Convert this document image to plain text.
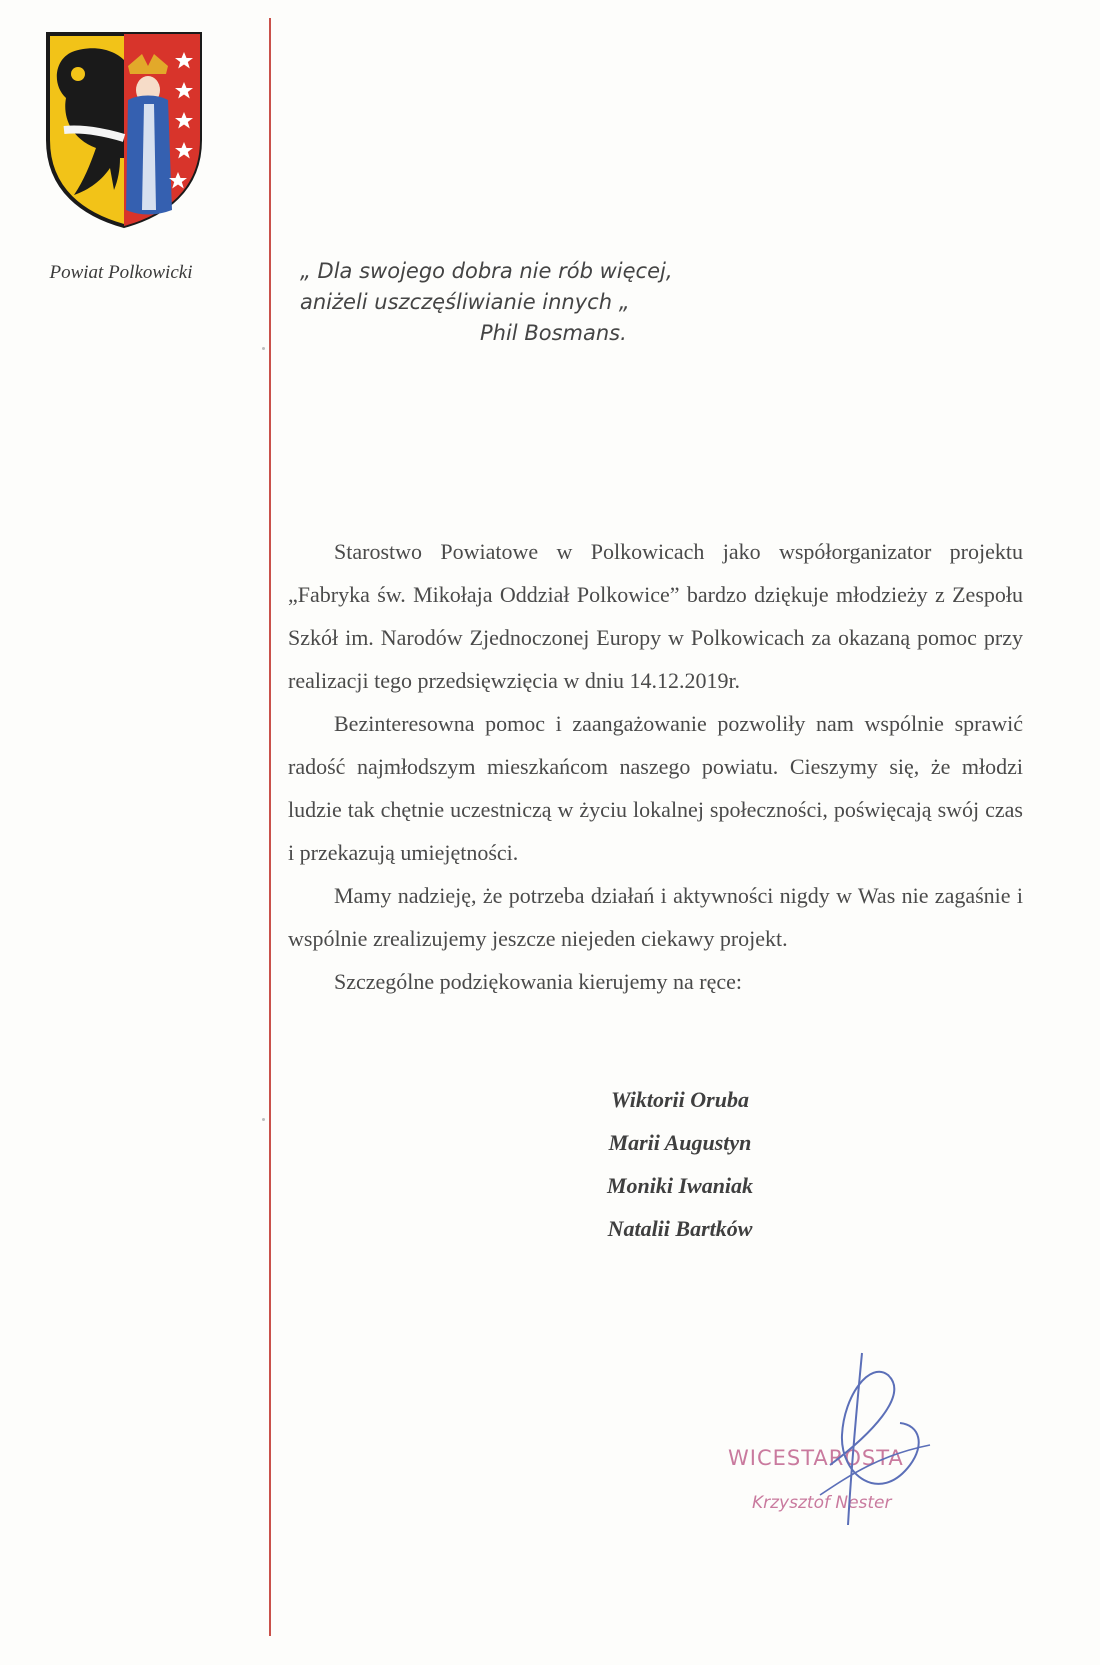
Powiat Polkowicki	„ Dla swojego dobra nie rób więcej,
aniżeli uszczęśliwianie innych „
Phil Bosmans.

Starostwo Powiatowe w Polkowicach jako współorganizator projektu „Fabryka św. Mikołaja Oddział Polkowice” bardzo dziękuje młodzieży z Zespołu Szkół im. Narodów Zjednoczonej Europy w Polkowicach za okazaną pomoc przy realizacji tego przedsięwzięcia w dniu 14.12.2019r.

Bezinteresowna pomoc i zaangażowanie pozwoliły nam wspólnie sprawić radość najmłodszym mieszkańcom naszego powiatu. Cieszymy się, że młodzi ludzie tak chętnie uczestniczą w życiu lokalnej społeczności, poświęcają swój czas i przekazują umiejętności.

Mamy nadzieję, że potrzeba działań i aktywności nigdy w Was nie zagaśnie i wspólnie zrealizujemy jeszcze niejeden ciekawy projekt.

Szczególne podziękowania kierujemy na ręce:

Wiktorii Oruba
Marii Augustyn
Moniki Iwaniak
Natalii Bartków
WICESTAROSTA
Krzysztof Nester
